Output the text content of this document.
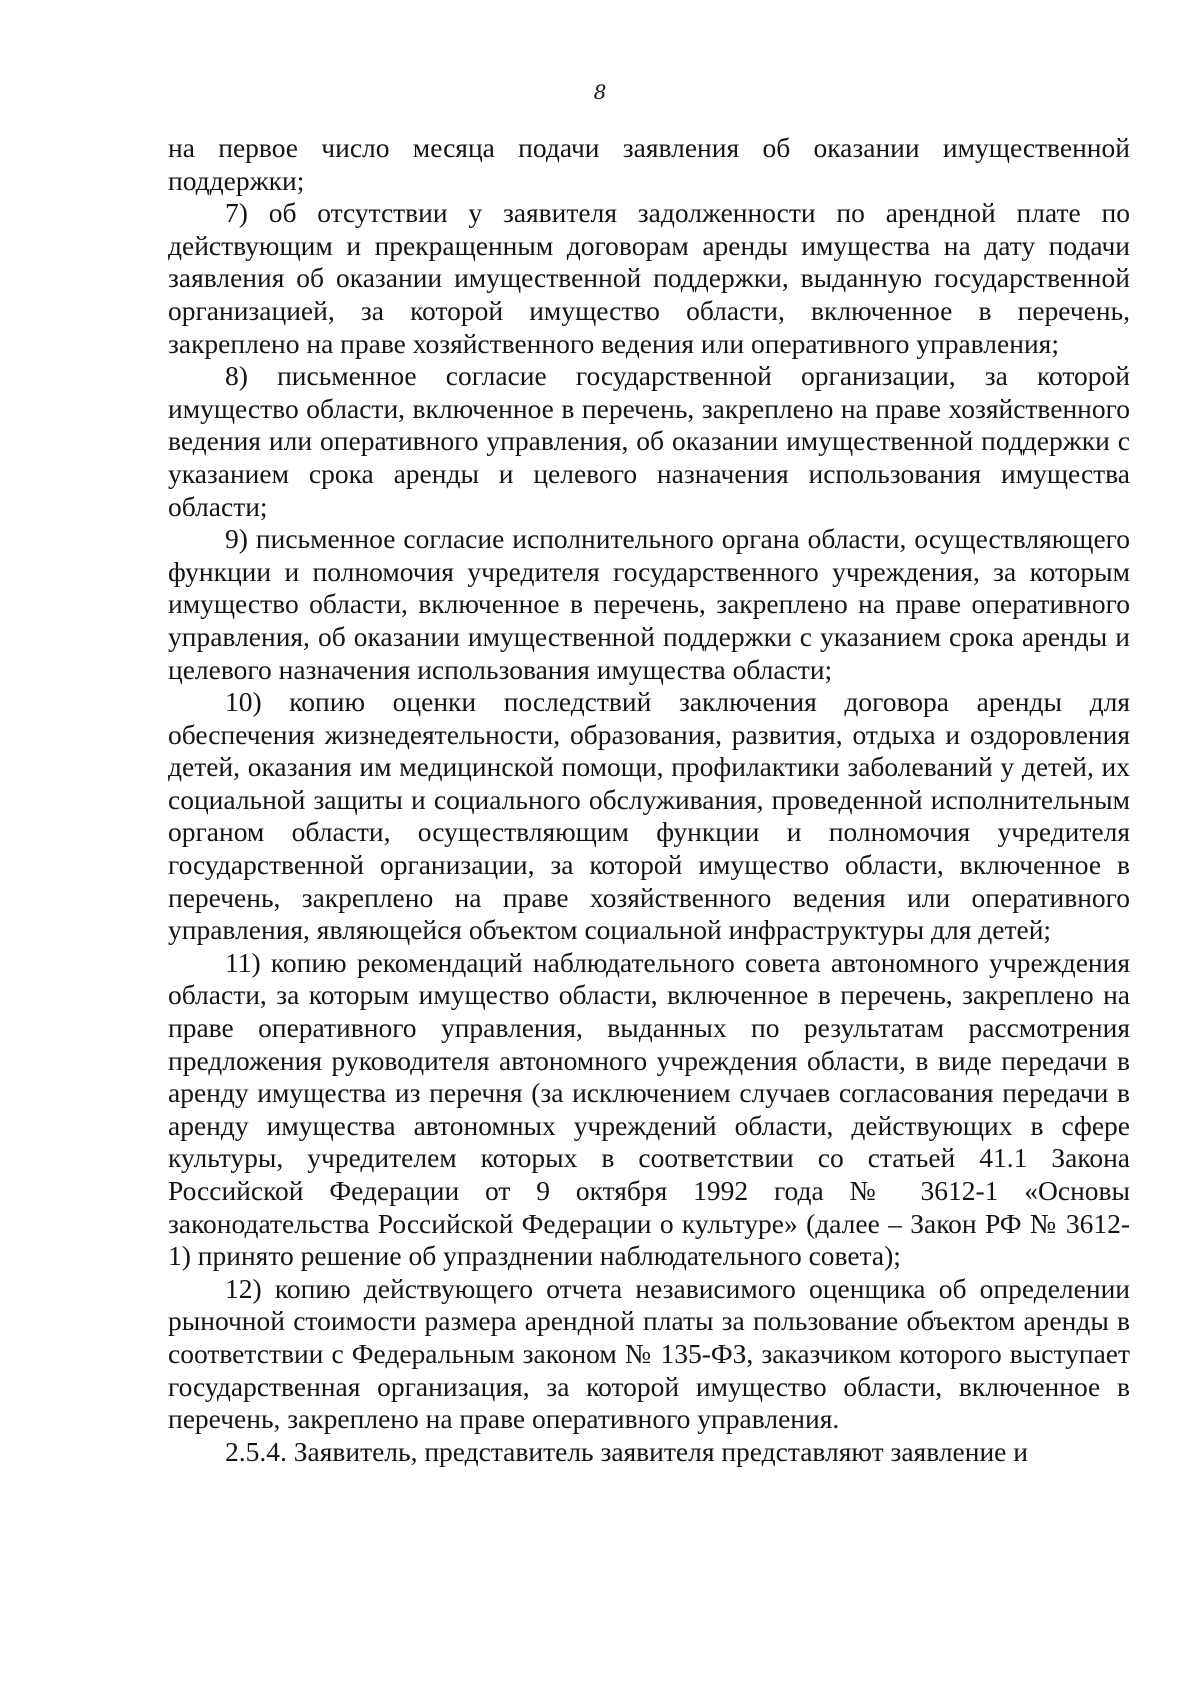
8

на первое число месяца подачи заявления об оказании имущественной поддержки;

7) об отсутствии у заявителя задолженности по арендной плате по действующим и прекращенным договорам аренды имущества на дату подачи заявления об оказании имущественной поддержки, выданную государственной организацией, за которой имущество области, включенное в перечень, закреплено на праве хозяйственного ведения или оперативного управления;

8) письменное согласие государственной организации, за которой имущество области, включенное в перечень, закреплено на праве хозяйственного ведения или оперативного управления, об оказании имущественной поддержки с указанием срока аренды и целевого назначения использования имущества области;

9) письменное согласие исполнительного органа области, осуществляющего функции и полномочия учредителя государственного учреждения, за которым имущество области, включенное в перечень, закреплено на праве оперативного управления, об оказании имущественной поддержки с указанием срока аренды и целевого назначения использования имущества области;

10) копию оценки последствий заключения договора аренды для обеспечения жизнедеятельности, образования, развития, отдыха и оздоровления детей, оказания им медицинской помощи, профилактики заболеваний у детей, их социальной защиты и социального обслуживания, проведенной исполнительным органом области, осуществляющим функции и полномочия учредителя государственной организации, за которой имущество области, включенное в перечень, закреплено на праве хозяйственного ведения или оперативного управления, являющейся объектом социальной инфраструктуры для детей;

11) копию рекомендаций наблюдательного совета автономного учреждения области, за которым имущество области, включенное в перечень, закреплено на праве оперативного управления, выданных по результатам рассмотрения предложения руководителя автономного учреждения области, в виде передачи в аренду имущества из перечня (за исключением случаев согласования передачи в аренду имущества автономных учреждений области, действующих в сфере культуры, учредителем которых в соответствии со статьей 41.1 Закона Российской Федерации от 9 октября 1992 года № 3612-1 «Основы законодательства Российской Федерации о культуре» (далее – Закон РФ № 3612-1) принято решение об упразднении наблюдательного совета);

12) копию действующего отчета независимого оценщика об определении рыночной стоимости размера арендной платы за пользование объектом аренды в соответствии с Федеральным законом № 135-ФЗ, заказчиком которого выступает государственная организация, за которой имущество области, включенное в перечень, закреплено на праве оперативного управления.

2.5.4. Заявитель, представитель заявителя представляют заявление и
